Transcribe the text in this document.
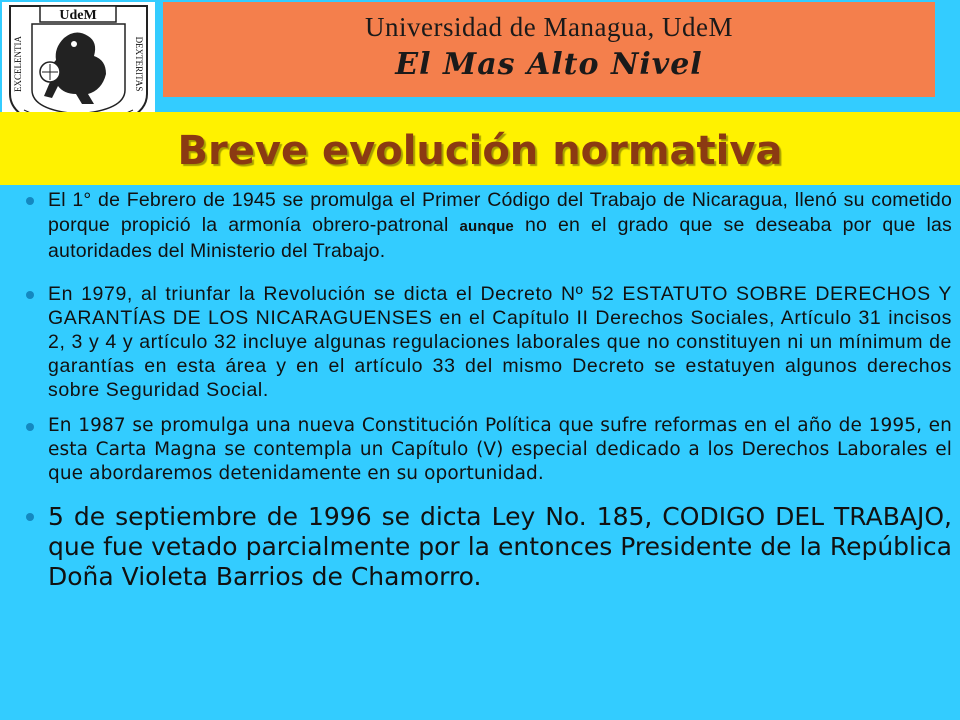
UdeM
EXCELENTIA	DEXTERITAS
Universidad de Managua, UdeM
El Mas Alto Nivel
Breve evolución normativa
El 1° de Febrero de 1945 se promulga el Primer Código del Trabajo de Nicaragua, llenó su cometido porque propició la armonía obrero-patronal aunque no en el grado que se deseaba por que las autoridades del Ministerio del Trabajo.
En 1979, al triunfar la Revolución se dicta el Decreto Nº 52 ESTATUTO SOBRE DERECHOS Y GARANTÍAS DE LOS NICARAGUENSES en el Capítulo II Derechos Sociales, Artículo 31 incisos 2, 3 y 4 y artículo 32 incluye algunas regulaciones laborales que no constituyen ni un mínimum de garantías en esta área y en el artículo 33 del mismo Decreto se estatuyen algunos derechos sobre Seguridad Social.
En 1987 se promulga una nueva Constitución Política que sufre reformas en el año de 1995, en esta Carta Magna se contempla un Capítulo (V) especial dedicado a los Derechos Laborales el que abordaremos detenidamente en su oportunidad.
5 de septiembre de 1996 se dicta Ley No. 185, CODIGO DEL TRABAJO, que fue vetado parcialmente por la entonces Presidente de la República Doña Violeta Barrios de Chamorro.
